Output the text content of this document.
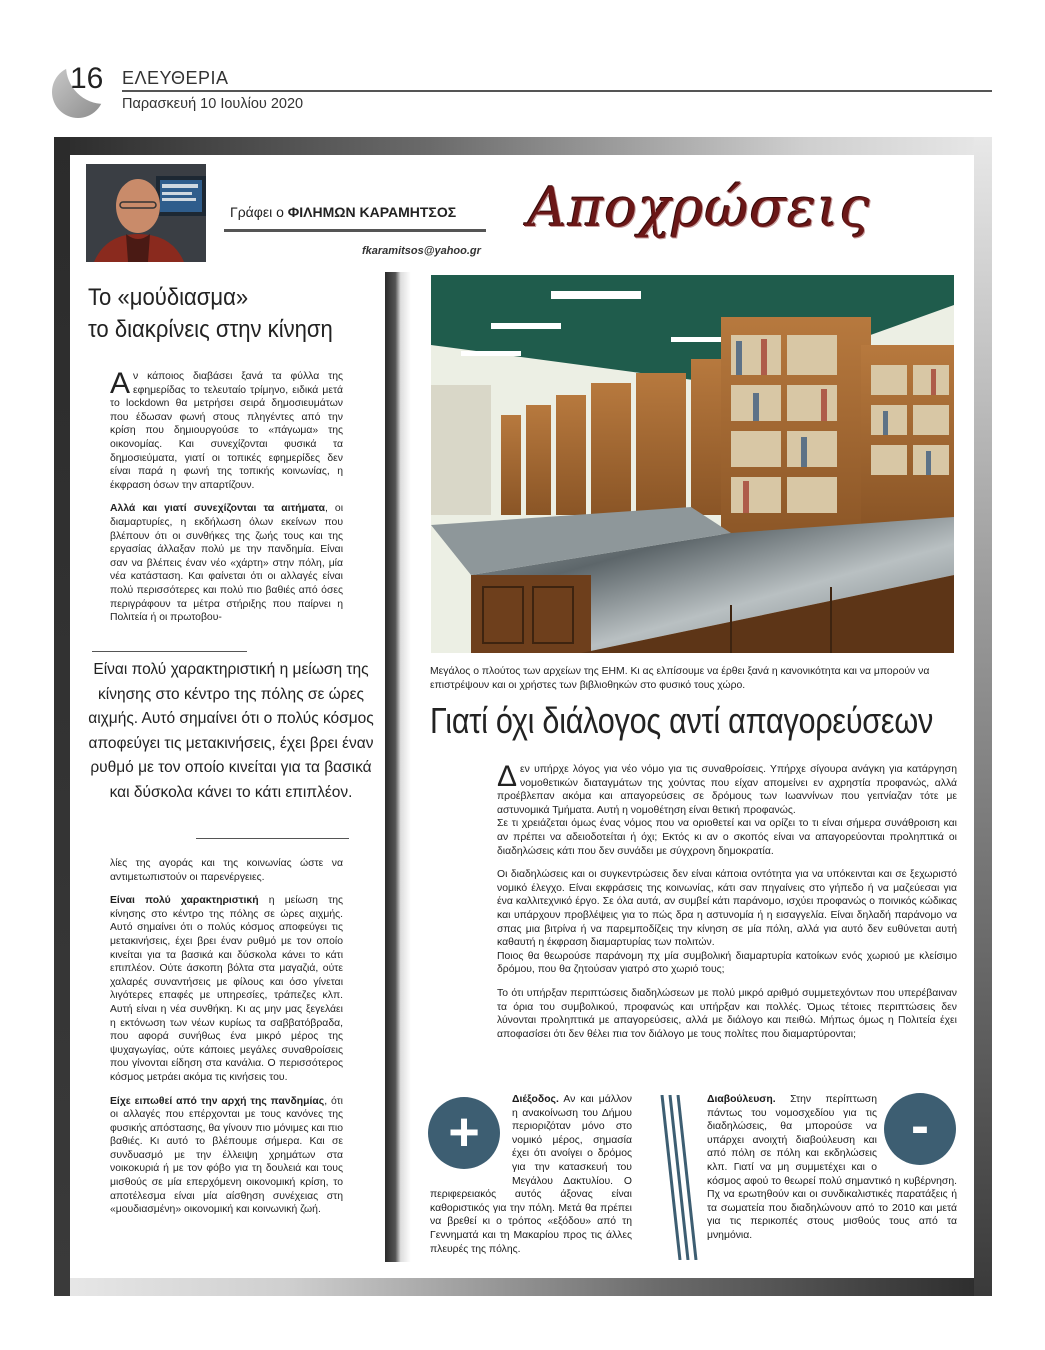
16 ΕΛΕΥΘΕΡΙΑ
Παρασκευή 10 Ιουλίου 2020
Γράφει ο ΦΙΛΗΜΩΝ ΚΑΡΑΜΗΤΣΟΣ
fkaramitsos@yahoo.gr
Αποχρώσεις
Το «μούδιασμα»
το διακρίνεις στην κίνηση

Αν κάποιος διαβάσει ξανά τα φύλλα της εφημερίδας το τελευταίο τρίμηνο, ειδικά μετά το lockdown θα μετρήσει σειρά δημοσιευμάτων που έδωσαν φωνή στους πληγέντες από την κρίση που δημιουργούσε το «πάγωμα» της οικονομίας. Και συνεχίζονται φυσικά τα δημοσιεύματα, γιατί οι τοπικές εφημερίδες δεν είναι παρά η φωνή της τοπικής κοινωνίας, η έκφραση όσων την απαρτίζουν.

Αλλά και γιατί συνεχίζονται τα αιτήματα, οι διαμαρτυρίες, η εκδήλωση όλων εκείνων που βλέπουν ότι οι συνθήκες της ζωής τους και της εργασίας άλλαξαν πολύ με την πανδημία. Είναι σαν να βλέπεις έναν νέο «χάρτη» στην πόλη, μία νέα κατάσταση. Και φαίνεται ότι οι αλλαγές είναι πολύ περισσότερες και πολύ πιο βαθιές από όσες περιγράφουν τα μέτρα στήριξης που παίρνει η Πολιτεία ή οι πρωτοβου-

Είναι πολύ χαρακτηριστική η μείωση της κίνησης στο κέντρο της πόλης σε ώρες αιχμής. Αυτό σημαίνει ότι ο πολύς κόσμος αποφεύγει τις μετακινήσεις, έχει βρει έναν ρυθμό με τον οποίο κινείται για τα βασικά και δύσκολα κάνει το κάτι επιπλέον.

λίες της αγοράς και της κοινωνίας ώστε να αντιμετωπιστούν οι παρενέργειες.

Είναι πολύ χαρακτηριστική η μείωση της κίνησης στο κέντρο της πόλης σε ώρες αιχμής. Αυτό σημαίνει ότι ο πολύς κόσμος αποφεύγει τις μετακινήσεις, έχει βρει έναν ρυθμό με τον οποίο κινείται για τα βασικά και δύσκολα κάνει το κάτι επιπλέον. Ούτε άσκοπη βόλτα στα μαγαζιά, ούτε χαλαρές συναντήσεις με φίλους και όσο γίνεται λιγότερες επαφές με υπηρεσίες, τράπεζες κλπ. Αυτή είναι η νέα συνθήκη. Κι ας μην μας ξεγελάει η εκτόνωση των νέων κυρίως τα σαββατόβραδα, που αφορά συνήθως ένα μικρό μέρος της ψυχαγωγίας, ούτε κάποιες μεγάλες συναθροίσεις που γίνονται είδηση στα κανάλια. Ο περισσότερος κόσμος μετράει ακόμα τις κινήσεις του.

Είχε ειπωθεί από την αρχή της πανδημίας, ότι οι αλλαγές που επέρχονται με τους κανόνες της φυσικής απόστασης, θα γίνουν πιο μόνιμες και πιο βαθιές. Κι αυτό το βλέπουμε σήμερα. Και σε συνδυασμό με την έλλειψη χρημάτων στα νοικοκυριά ή με τον φόβο για τη δουλειά και τους μισθούς σε μία επερχόμενη οικονομική κρίση, το αποτέλεσμα είναι μία αίσθηση συνέχειας στη «μουδιασμένη» οικονομική και κοινωνική ζωή.

Μεγάλος ο πλούτος των αρχείων της ΕΗΜ. Κι ας ελπίσουμε να έρθει ξανά η κανονικότητα και να μπορούν να επιστρέψουν και οι χρήστες των βιβλιοθηκών στο φυσικό τους χώρο.
Γιατί όχι διάλογος αντί απαγορεύσεων

Δεν υπήρχε λόγος για νέο νόμο για τις συναθροίσεις. Υπήρχε σίγουρα ανάγκη για κατάργηση νομοθετικών διαταγμάτων της χούντας που είχαν απομείνει εν αχρηστία προφανώς, αλλά προέβλεπαν ακόμα και απαγορεύσεις σε δρόμους των Ιωαννίνων που γειτνίαζαν τότε με αστυνομικά Τμήματα. Αυτή η νομοθέτηση είναι θετική προφανώς.

Σε τι χρειάζεται όμως ένας νόμος που να οριοθετεί και να ορίζει το τι είναι σήμερα συνάθροιση και αν πρέπει να αδειοδοτείται ή όχι; Εκτός κι αν ο σκοπός είναι να απαγορεύονται προληπτικά οι διαδηλώσεις κάτι που δεν συνάδει με σύγχρονη δημοκρατία.

Οι διαδηλώσεις και οι συγκεντρώσεις δεν είναι κάποια οντότητα για να υπόκεινται και σε ξεχωριστό νομικό έλεγχο. Είναι εκφράσεις της κοινωνίας, κάτι σαν πηγαίνεις στο γήπεδο ή να μαζεύεσαι για ένα καλλιτεχνικό έργο. Σε όλα αυτά, αν συμβεί κάτι παράνομο, ισχύει προφανώς ο ποινικός κώδικας και υπάρχουν προβλέψεις για το πώς δρα η αστυνομία ή η εισαγγελία. Είναι δηλαδή παράνομο να σπας μια βιτρίνα ή να παρεμποδίζεις την κίνηση σε μία πόλη, αλλά για αυτό δεν ευθύνεται αυτή καθαυτή η έκφραση διαμαρτυρίας των πολιτών.

Ποιος θα θεωρούσε παράνομη πχ μία συμβολική διαμαρτυρία κατοίκων ενός χωριού με κλείσιμο δρόμου, που θα ζητούσαν γιατρό στο χωριό τους;

Το ότι υπήρξαν περιπτώσεις διαδηλώσεων με πολύ μικρό αριθμό συμμετεχόντων που υπερέβαιναν τα όρια του συμβολικού, προφανώς και υπήρξαν και πολλές. Όμως τέτοιες περιπτώσεις δεν λύνονται προληπτικά με απαγορεύσεις, αλλά με διάλογο και πειθώ. Μήπως όμως η Πολιτεία έχει αποφασίσει ότι δεν θέλει πια τον διάλογο με τους πολίτες που διαμαρτύρονται;

Διέξοδος. Αν και μάλλον η ανακοίνωση του Δήμου περιοριζόταν μόνο στο νομικό μέρος, σημασία έχει ότι ανοίγει ο δρόμος για την κατασκευή του Μεγάλου Δακτυλίου. Ο περιφερειακός αυτός άξονας είναι καθοριστικός για την πόλη. Μετά θα πρέπει να βρεθεί κι ο τρόπος «εξόδου» από τη Γεννηματά και τη Μακαρίου προς τις άλλες πλευρές της πόλης.
+
Διαβούλευση. Στην περίπτωση πάντως του νομοσχεδίου για τις διαδηλώσεις, θα μπορούσε να υπάρχει ανοιχτή διαβούλευση και από πόλη σε πόλη και εκδηλώσεις κλπ. Γιατί να μη συμμετέχει και ο κόσμος αφού το θεωρεί πολύ σημαντικό η κυβέρνηση. Πχ να ερωτηθούν και οι συνδικαλιστικές παρατάξεις ή τα σωματεία που διαδηλώνουν από το 2010 και μετά για τις περικοπές στους μισθούς τους από τα μνημόνια.
-
